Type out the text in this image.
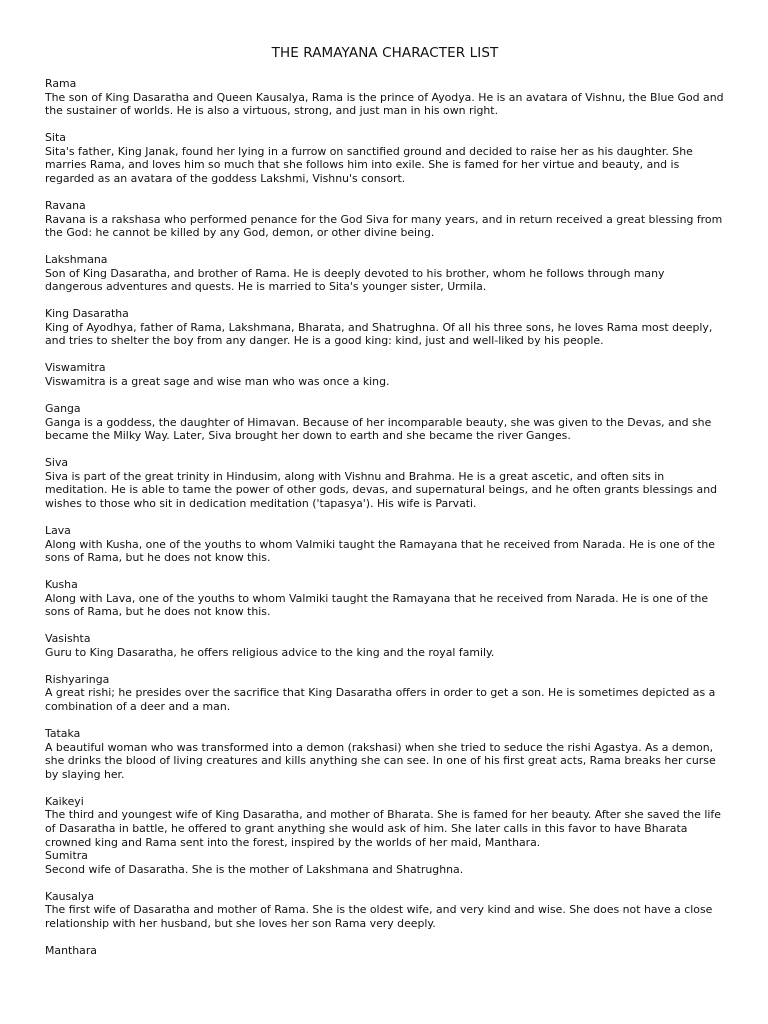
THE RAMAYANA CHARACTER LIST
Rama
The son of King Dasaratha and Queen Kausalya, Rama is the prince of Ayodya. He is an avatara of Vishnu, the Blue God and the sustainer of worlds. He is also a virtuous, strong, and just man in his own right.
Sita
Sita's father, King Janak, found her lying in a furrow on sanctified ground and decided to raise her as his daughter. She marries Rama, and loves him so much that she follows him into exile. She is famed for her virtue and beauty, and is regarded as an avatara of the goddess Lakshmi, Vishnu's consort.
Ravana
Ravana is a rakshasa who performed penance for the God Siva for many years, and in return received a great blessing from the God: he cannot be killed by any God, demon, or other divine being.
Lakshmana
Son of King Dasaratha, and brother of Rama. He is deeply devoted to his brother, whom he follows through many dangerous adventures and quests. He is married to Sita's younger sister, Urmila.
King Dasaratha
King of Ayodhya, father of Rama, Lakshmana, Bharata, and Shatrughna. Of all his three sons, he loves Rama most deeply, and tries to shelter the boy from any danger. He is a good king: kind, just and well-liked by his people.
Viswamitra
Viswamitra is a great sage and wise man who was once a king.
Ganga
Ganga is a goddess, the daughter of Himavan. Because of her incomparable beauty, she was given to the Devas, and she became the Milky Way. Later, Siva brought her down to earth and she became the river Ganges.
Siva
Siva is part of the great trinity in Hindusim, along with Vishnu and Brahma. He is a great ascetic, and often sits in meditation. He is able to tame the power of other gods, devas, and supernatural beings, and he often grants blessings and wishes to those who sit in dedication meditation ('tapasya'). His wife is Parvati.
Lava
Along with Kusha, one of the youths to whom Valmiki taught the Ramayana that he received from Narada. He is one of the sons of Rama, but he does not know this.
Kusha
Along with Lava, one of the youths to whom Valmiki taught the Ramayana that he received from Narada. He is one of the sons of Rama, but he does not know this.
Vasishta
Guru to King Dasaratha, he offers religious advice to the king and the royal family.
Rishyaringa
A great rishi; he presides over the sacrifice that King Dasaratha offers in order to get a son. He is sometimes depicted as a combination of a deer and a man.
Tataka
A beautiful woman who was transformed into a demon (rakshasi) when she tried to seduce the rishi Agastya. As a demon, she drinks the blood of living creatures and kills anything she can see. In one of his first great acts, Rama breaks her curse by slaying her.
Kaikeyi
The third and youngest wife of King Dasaratha, and mother of Bharata. She is famed for her beauty. After she saved the life of Dasaratha in battle, he offered to grant anything she would ask of him. She later calls in this favor to have Bharata crowned king and Rama sent into the forest, inspired by the worlds of her maid, Manthara.
Sumitra
Second wife of Dasaratha. She is the mother of Lakshmana and Shatrughna.
Kausalya
The first wife of Dasaratha and mother of Rama. She is the oldest wife, and very kind and wise. She does not have a close relationship with her husband, but she loves her son Rama very deeply.
Manthara
